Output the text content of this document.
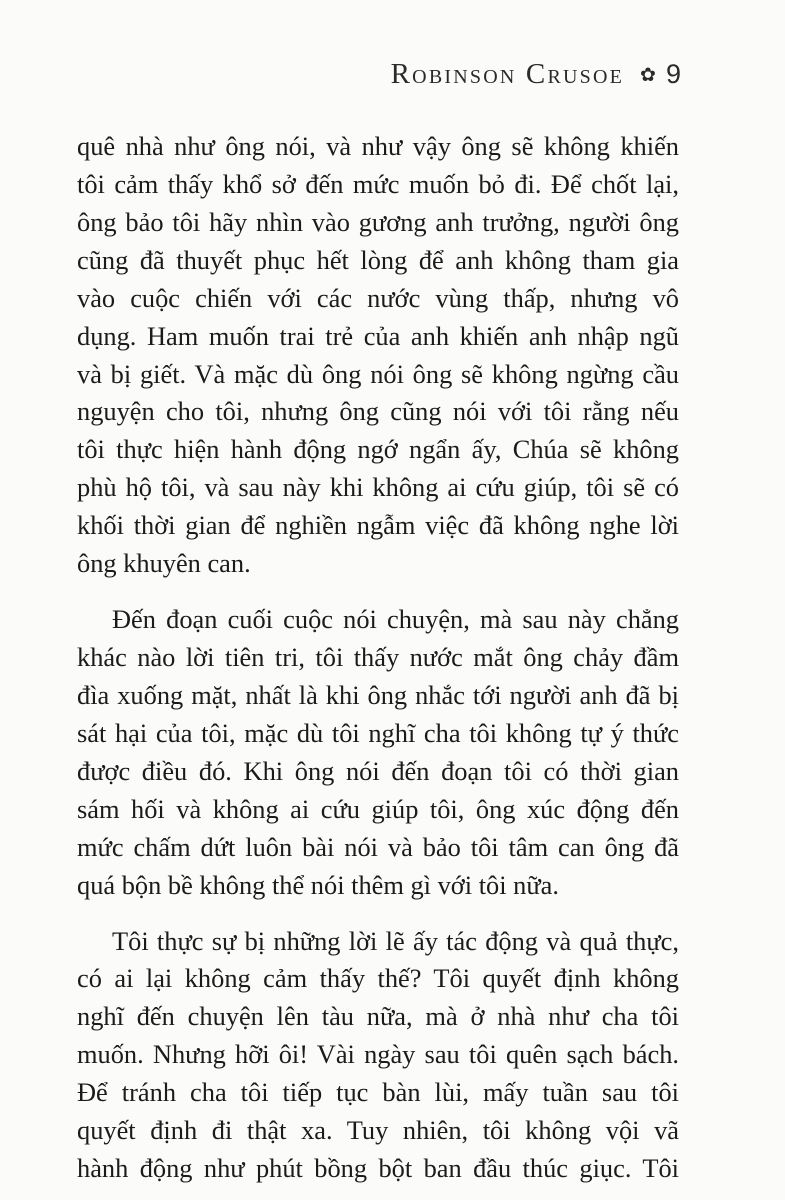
Robinson Crusoe ✿ 9
quê nhà như ông nói, và như vậy ông sẽ không khiến
tôi cảm thấy khổ sở đến mức muốn bỏ đi. Để chốt lại,
ông bảo tôi hãy nhìn vào gương anh trưởng, người ông
cũng đã thuyết phục hết lòng để anh không tham gia
vào cuộc chiến với các nước vùng thấp, nhưng vô
dụng. Ham muốn trai trẻ của anh khiến anh nhập ngũ
và bị giết. Và mặc dù ông nói ông sẽ không ngừng cầu
nguyện cho tôi, nhưng ông cũng nói với tôi rằng nếu
tôi thực hiện hành động ngớ ngẩn ấy, Chúa sẽ không
phù hộ tôi, và sau này khi không ai cứu giúp, tôi sẽ có
khối thời gian để nghiền ngẫm việc đã không nghe lời
ông khuyên can.
Đến đoạn cuối cuộc nói chuyện, mà sau này chẳng
khác nào lời tiên tri, tôi thấy nước mắt ông chảy đầm
đìa xuống mặt, nhất là khi ông nhắc tới người anh đã bị
sát hại của tôi, mặc dù tôi nghĩ cha tôi không tự ý thức
được điều đó. Khi ông nói đến đoạn tôi có thời gian
sám hối và không ai cứu giúp tôi, ông xúc động đến
mức chấm dứt luôn bài nói và bảo tôi tâm can ông đã
quá bộn bề không thể nói thêm gì với tôi nữa.
Tôi thực sự bị những lời lẽ ấy tác động và quả thực,
có ai lại không cảm thấy thế? Tôi quyết định không
nghĩ đến chuyện lên tàu nữa, mà ở nhà như cha tôi
muốn. Nhưng hỡi ôi! Vài ngày sau tôi quên sạch bách.
Để tránh cha tôi tiếp tục bàn lùi, mấy tuần sau tôi
quyết định đi thật xa. Tuy nhiên, tôi không vội vã
hành động như phút bồng bột ban đầu thúc giục. Tôi
